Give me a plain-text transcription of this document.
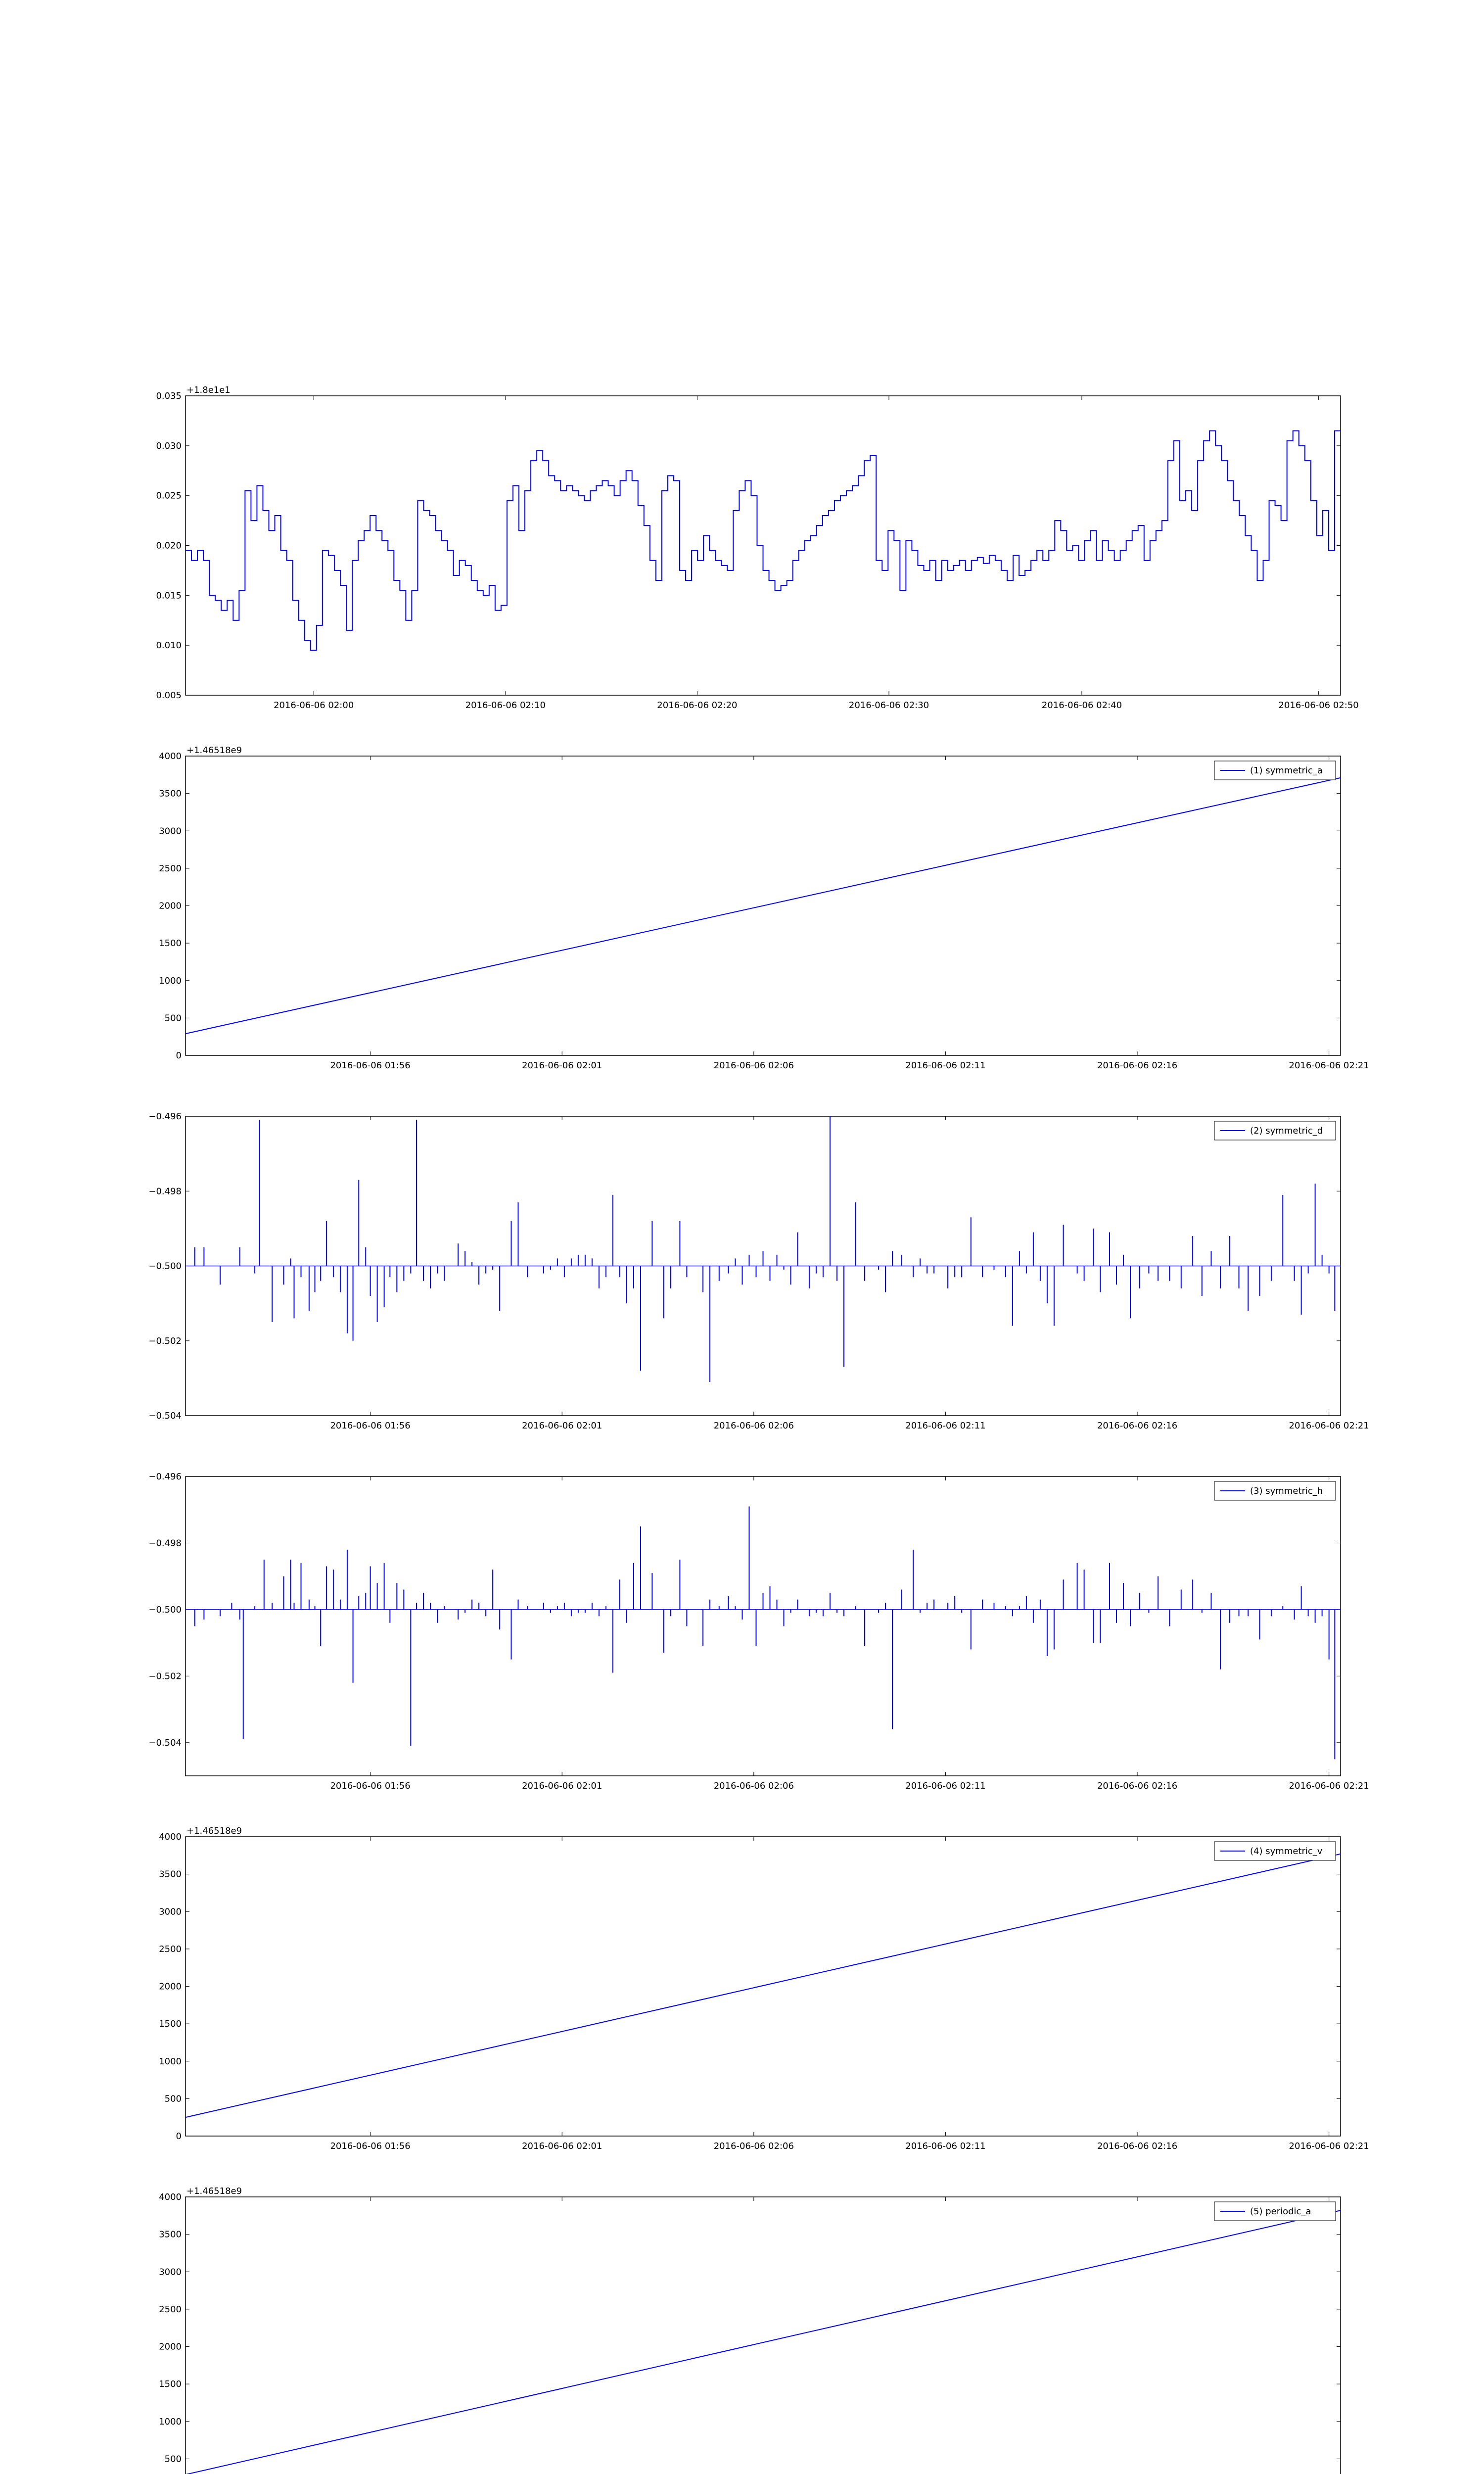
0.005
0.010
0.015
0.020
0.025
0.030
0.035
2016-06-06 02:00	2016-06-06 02:10	2016-06-06 02:20	2016-06-06 02:30	2016-06-06 02:40	2016-06-06 02:50
+1.8e1e1
0
500
1000
1500
2000
2500
3000
3500
4000
2016-06-06 01:56	2016-06-06 02:01	2016-06-06 02:06	2016-06-06 02:11	2016-06-06 02:16	2016-06-06 02:21
+1.46518e9
(1) symmetric_a
−0.504
−0.502
−0.500
−0.498
−0.496
2016-06-06 01:56	2016-06-06 02:01	2016-06-06 02:06	2016-06-06 02:11	2016-06-06 02:16	2016-06-06 02:21
(2) symmetric_d
−0.504
−0.502
−0.500
−0.498
−0.496
2016-06-06 01:56	2016-06-06 02:01	2016-06-06 02:06	2016-06-06 02:11	2016-06-06 02:16	2016-06-06 02:21
(3) symmetric_h
0
500
1000
1500
2000
2500
3000
3500
4000
2016-06-06 01:56	2016-06-06 02:01	2016-06-06 02:06	2016-06-06 02:11	2016-06-06 02:16	2016-06-06 02:21
+1.46518e9
(4) symmetric_v
500
1000
1500
2000
2500
3000
3500
4000
+1.46518e9
(5) periodic_a
